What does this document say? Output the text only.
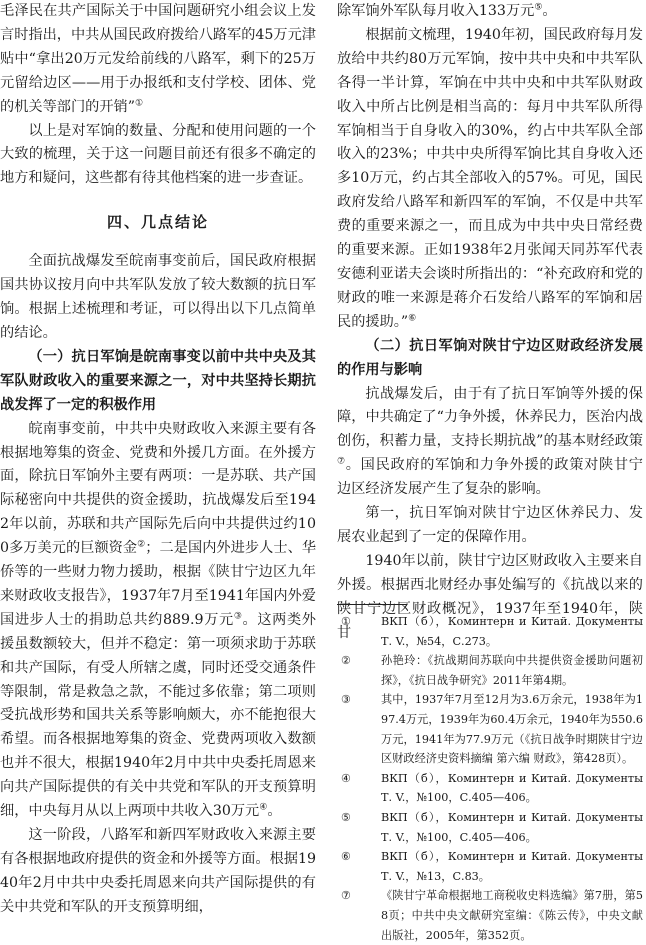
毛泽民在共产国际关于中国问题研究小组会议上发言时指出，中共从国民政府拨给八路军的45万元津贴中“拿出20万元发给前线的八路军，剩下的25万元留给边区——用于办报纸和支付学校、团体、党的机关等部门的开销”①

以上是对军饷的数量、分配和使用问题的一个大致的梳理，关于这一问题目前还有很多不确定的地方和疑问，这些都有待其他档案的进一步查证。

四、几点结论

全面抗战爆发至皖南事变前后，国民政府根据国共协议按月向中共军队发放了较大数额的抗日军饷。根据上述梳理和考证，可以得出以下几点简单的结论。

（一）抗日军饷是皖南事变以前中共中央及其军队财政收入的重要来源之一，对中共坚持长期抗战发挥了一定的积极作用

皖南事变前，中共中央财政收入来源主要有各根据地筹集的资金、党费和外援几方面。在外援方面，除抗日军饷外主要有两项：一是苏联、共产国际秘密向中共提供的资金援助，抗战爆发后至1942年以前，苏联和共产国际先后向中共提供过约100多万美元的巨额资金②；二是国内外进步人士、华侨等的一些财力物力援助，根据《陕甘宁边区九年来财政收支报告》，1937年7月至1941年国内外爱国进步人士的捐助总共约889.9万元③。这两类外援虽数额较大，但并不稳定：第一项须求助于苏联和共产国际，有受人所辖之虞，同时还受交通条件等限制，常是救急之款，不能过多依靠；第二项则受抗战形势和国共关系等影响颇大，亦不能抱很大希望。而各根据地筹集的资金、党费两项收入数额也并不很大，根据1940年2月中共中央委托周恩来向共产国际提供的有关中共党和军队的开支预算明细，中央每月从以上两项中共收入30万元④。

这一阶段，八路军和新四军财政收入来源主要有各根据地政府提供的资金和外援等方面。根据1940年2月中共中央委托周恩来向共产国际提供的有关中共党和军队的开支预算明细，

除军饷外军队每月收入133万元⑤。

根据前文梳理，1940年初，国民政府每月发放给中共约80万元军饷，按中共中央和中共军队各得一半计算，军饷在中共中央和中共军队财政收入中所占比例是相当高的：每月中共军队所得军饷相当于自身收入的30%，约占中共军队全部收入的23%；中共中央所得军饷比其自身收入还多10万元，约占其全部收入的57%。可见，国民政府发给八路军和新四军的军饷，不仅是中共军费的重要来源之一，而且成为中共中央日常经费的重要来源。正如1938年2月张闻天同苏军代表安德利亚诺夫会谈时所指出的：“补充政府和党的财政的唯一来源是蒋介石发给八路军的军饷和居民的援助。”⑥

（二）抗日军饷对陕甘宁边区财政经济发展的作用与影响

抗战爆发后，由于有了抗日军饷等外援的保障，中共确定了“力争外援，休养民力，医治内战创伤，积蓄力量，支持长期抗战”的基本财经政策⑦。国民政府的军饷和力争外援的政策对陕甘宁边区经济发展产生了复杂的影响。

第一，抗日军饷对陕甘宁边区休养民力、发展农业起到了一定的保障作用。

1940年以前，陕甘宁边区财政收入主要来自外援。根据西北财经办事处编写的《抗战以来的陕甘宁边区财政概况》，1937年至1940年，陕甘

①	ВКП（б），Коминтерн и Китай. Документы Т. V.，№54，С.273。
②	孙艳玲：《抗战期间苏联向中共提供资金援助问题初探》，《抗日战争研究》2011年第4期。
③	其中，1937年7月至12月为3.6万余元，1938年为197.4万元，1939年为60.4万余元，1940年为550.6万元，1941年为77.9万元（《抗日战争时期陕甘宁边区财政经济史资料摘编 第六编 财政》，第428页）。
④	ВКП（б），Коминтерн и Китай. Документы Т. V.，№100，С.405—406。
⑤	ВКП（б），Коминтерн и Китай. Документы Т. V.，№100，С.405—406。
⑥	ВКП（б），Коминтерн и Китай. Документы Т. V.，№13，С.83。
⑦	《陕甘宁革命根据地工商税收史料选编》第7册，第58页；中共中央文献研究室编：《陈云传》，中央文献出版社，2005年，第352页。
